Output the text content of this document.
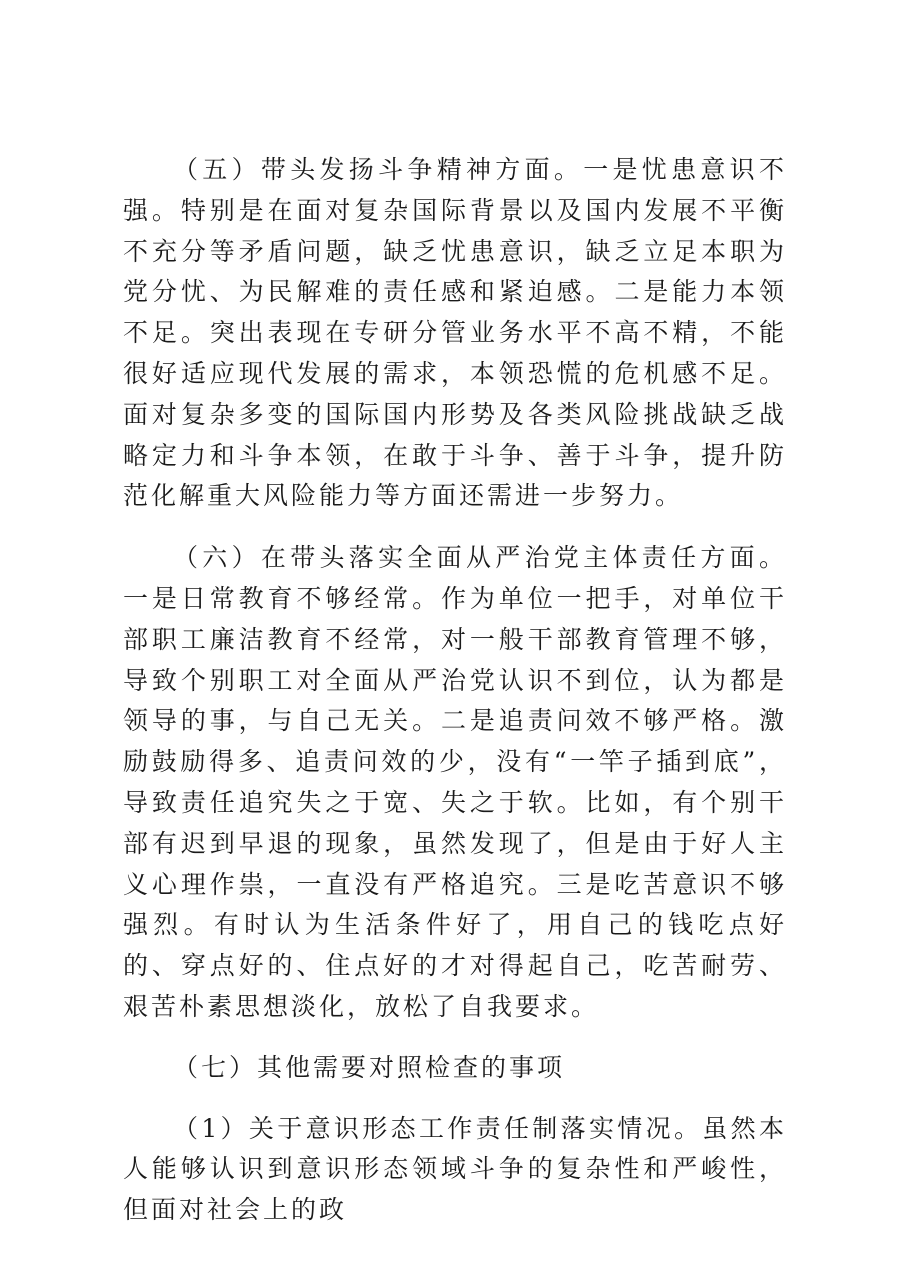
（五）带头发扬斗争精神方面。一是忧患意识不强。特别是在面对复杂国际背景以及国内发展不平衡不充分等矛盾问题，缺乏忧患意识，缺乏立足本职为党分忧、为民解难的责任感和紧迫感。二是能力本领不足。突出表现在专研分管业务水平不高不精，不能很好适应现代发展的需求，本领恐慌的危机感不足。面对复杂多变的国际国内形势及各类风险挑战缺乏战略定力和斗争本领，在敢于斗争、善于斗争，提升防范化解重大风险能力等方面还需进一步努力。

（六）在带头落实全面从严治党主体责任方面。一是日常教育不够经常。作为单位一把手，对单位干部职工廉洁教育不经常，对一般干部教育管理不够，导致个别职工对全面从严治党认识不到位，认为都是领导的事，与自己无关。二是追责问效不够严格。激励鼓励得多、追责问效的少，没有“一竿子插到底”，导致责任追究失之于宽、失之于软。比如，有个别干部有迟到早退的现象，虽然发现了，但是由于好人主义心理作祟，一直没有严格追究。三是吃苦意识不够强烈。有时认为生活条件好了，用自己的钱吃点好的、穿点好的、住点好的才对得起自己，吃苦耐劳、艰苦朴素思想淡化，放松了自我要求。

（七）其他需要对照检查的事项

（1）关于意识形态工作责任制落实情况。虽然本人能够认识到意识形态领域斗争的复杂性和严峻性，但面对社会上的政
